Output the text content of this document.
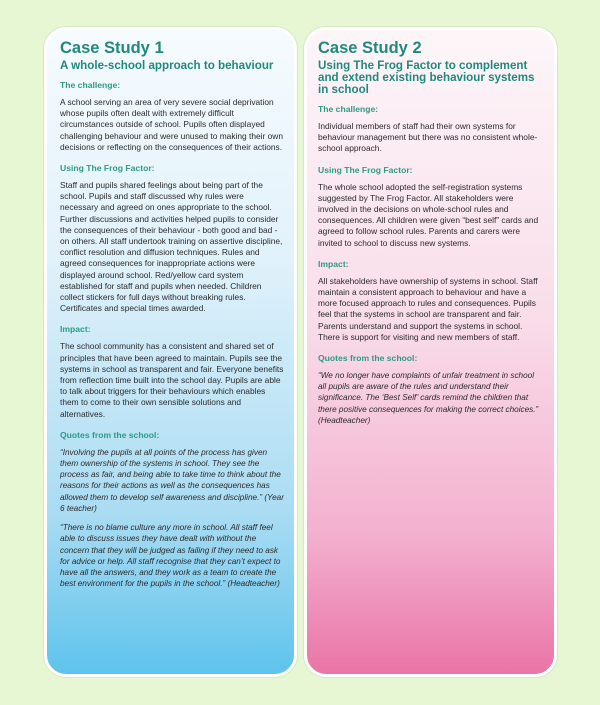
Case Study 1
A whole-school approach to behaviour
The challenge:

A school serving an area of very severe social deprivation whose pupils often dealt with extremely difficult circumstances outside of school. Pupils often displayed challenging behaviour and were unused to making their own decisions or reflecting on the consequences of their actions.

Using The Frog Factor:

Staff and pupils shared feelings about being part of the school. Pupils and staff discussed why rules were necessary and agreed on ones appropriate to the school. Further discussions and activities helped pupils to consider the consequences of their behaviour - both good and bad - on others. All staff undertook training on assertive discipline, conflict resolution and diffusion techniques. Rules and agreed consequences for inappropriate actions were displayed around school. Red/yellow card system established for staff and pupils when needed. Children collect stickers for full days without breaking rules. Certificates and special times awarded.

Impact:

The school community has a consistent and shared set of principles that have been agreed to maintain. Pupils see the systems in school as transparent and fair. Everyone benefits from reflection time built into the school day. Pupils are able to talk about triggers for their behaviours which enables them to come to their own sensible solutions and alternatives.

Quotes from the school:

“Involving the pupils at all points of the process has given them ownership of the systems in school. They see the process as fair, and being able to take time to think about the reasons for their actions as well as the consequences has allowed them to develop self awareness and discipline.” (Year 6 teacher)

“There is no blame culture any more in school. All staff feel able to discuss issues they have dealt with without the concern that they will be judged as failing if they need to ask for advice or help. All staff recognise that they can’t expect to have all the answers, and they work as a team to create the best environment for the pupils in the school.” (Headteacher)

Case Study 2
Using The Frog Factor to complement and extend existing behaviour systems in school
The challenge:

Individual members of staff had their own systems for behaviour management but there was no consistent whole-school approach.

Using The Frog Factor:

The whole school adopted the self-registration systems suggested by The Frog Factor. All stakeholders were involved in the decisions on whole-school rules and consequences. All children were given “best self” cards and agreed to follow school rules. Parents and carers were invited to school to discuss new systems.

Impact:

All stakeholders have ownership of systems in school. Staff maintain a consistent approach to behaviour and have a more focused approach to rules and consequences. Pupils feel that the systems in school are transparent and fair. Parents understand and support the systems in school. There is support for visiting and new members of staff.

Quotes from the school:

“We no longer have complaints of unfair treatment in school all pupils are aware of the rules and understand their significance. The ‘Best Self’ cards remind the children that there positive consequences for making the correct choices.” (Headteacher)
